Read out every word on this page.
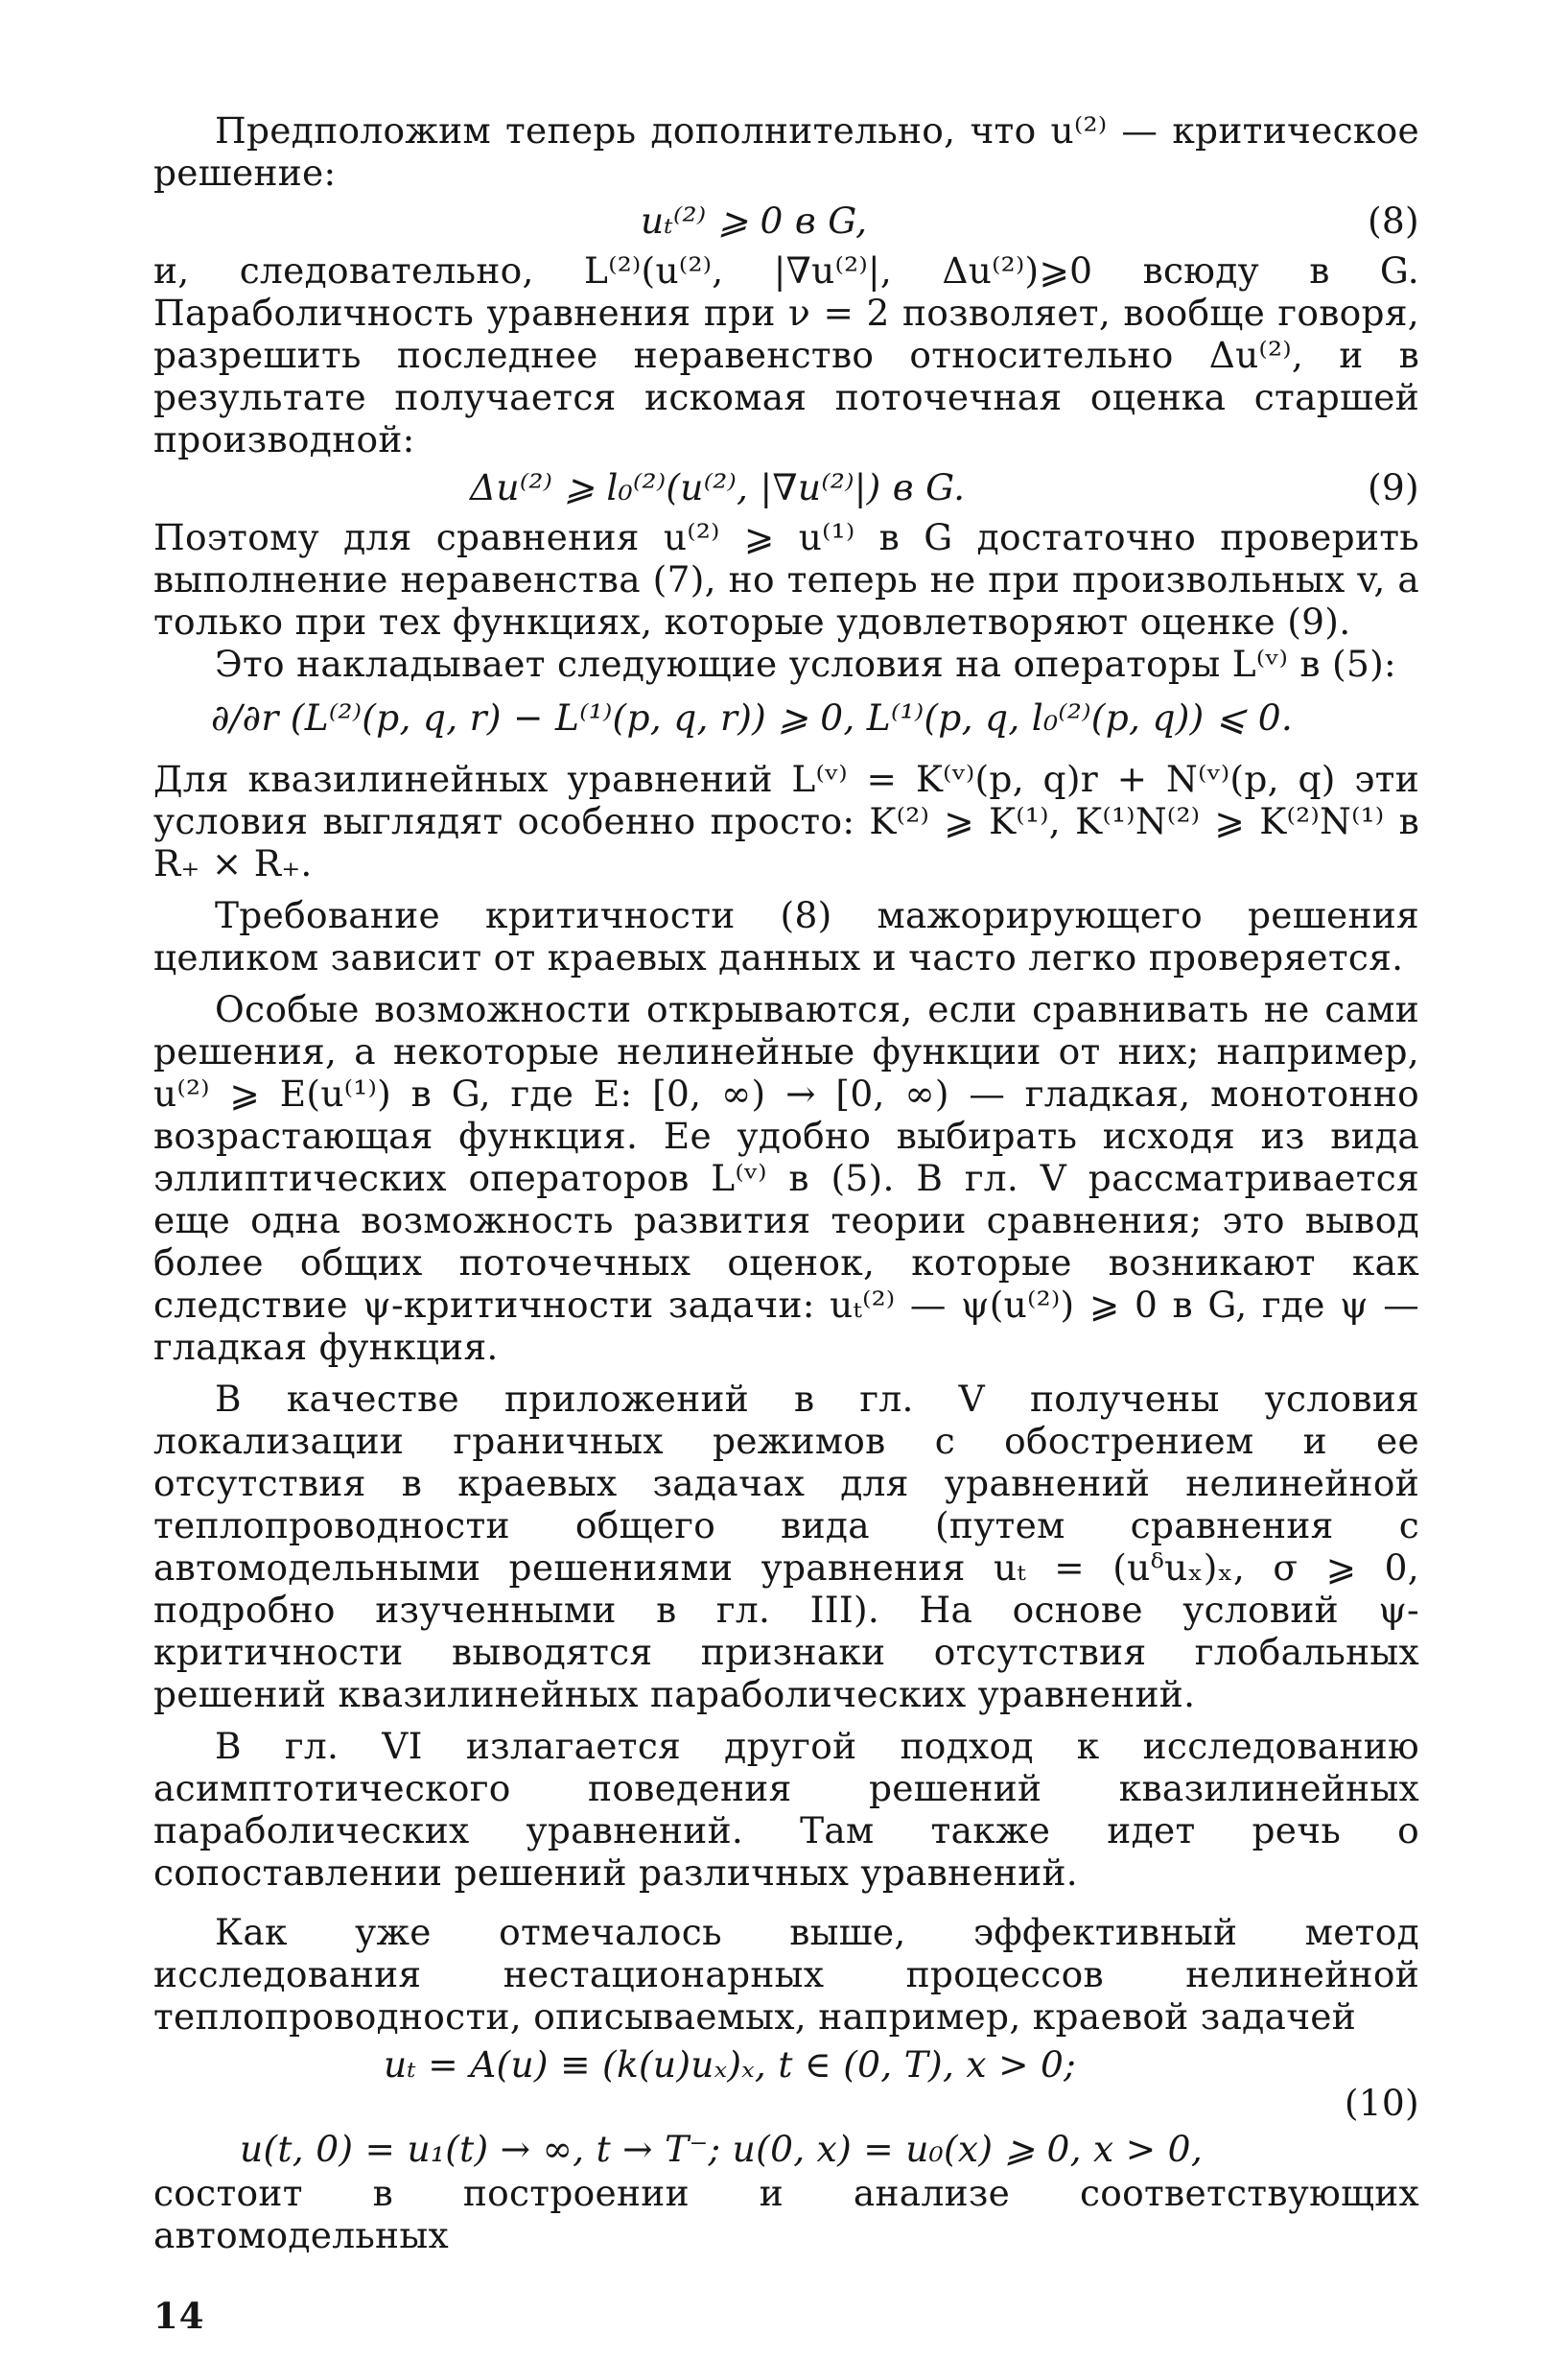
Предположим теперь дополнительно, что u⁽²⁾ — критическое решение:

uₜ⁽²⁾ ⩾ 0 в G,	(8)

и, следовательно, L⁽²⁾(u⁽²⁾, |∇u⁽²⁾|, Δu⁽²⁾)⩾0 всюду в G. Параболичность уравнения при ν = 2 позволяет, вообще говоря, разрешить последнее неравенство относительно Δu⁽²⁾, и в результате получается искомая поточечная оценка старшей производной:

Δu⁽²⁾ ⩾ l₀⁽²⁾(u⁽²⁾, |∇u⁽²⁾|) в G.	(9)

Поэтому для сравнения u⁽²⁾ ⩾ u⁽¹⁾ в G достаточно проверить выполнение неравенства (7), но теперь не при произвольных v, а только при тех функциях, которые удовлетворяют оценке (9).

Это накладывает следующие условия на операторы L⁽ᵛ⁾ в (5):

∂/∂r (L⁽²⁾(p, q, r) − L⁽¹⁾(p, q, r)) ⩾ 0, L⁽¹⁾(p, q, l₀⁽²⁾(p, q)) ⩽ 0.

Для квазилинейных уравнений L⁽ᵛ⁾ = K⁽ᵛ⁾(p, q)r + N⁽ᵛ⁾(p, q) эти условия выглядят особенно просто: K⁽²⁾ ⩾ K⁽¹⁾, K⁽¹⁾N⁽²⁾ ⩾ K⁽²⁾N⁽¹⁾ в R₊ × R₊.

Требование критичности (8) мажорирующего решения целиком зависит от краевых данных и часто легко проверяется.

Особые возможности открываются, если сравнивать не сами решения, а некоторые нелинейные функции от них; например, u⁽²⁾ ⩾ E(u⁽¹⁾) в G, где E: [0, ∞) → [0, ∞) — гладкая, монотонно возрастающая функция. Ее удобно выбирать исходя из вида эллиптических операторов L⁽ᵛ⁾ в (5). В гл. V рассматривается еще одна возможность развития теории сравнения; это вывод более общих поточечных оценок, которые возникают как следствие ψ-критичности задачи: uₜ⁽²⁾ — ψ(u⁽²⁾) ⩾ 0 в G, где ψ — гладкая функция.

В качестве приложений в гл. V получены условия локализации граничных режимов с обострением и ее отсутствия в краевых задачах для уравнений нелинейной теплопроводности общего вида (путем сравнения с автомодельными решениями уравнения uₜ = (uᵟuₓ)ₓ, σ ⩾ 0, подробно изученными в гл. III). На основе условий ψ-критичности выводятся признаки отсутствия глобальных решений квазилинейных параболических уравнений.

В гл. VI излагается другой подход к исследованию асимптотического поведения решений квазилинейных параболических уравнений. Там также идет речь о сопоставлении решений различных уравнений.

Как уже отмечалось выше, эффективный метод исследования нестационарных процессов нелинейной теплопроводности, описываемых, например, краевой задачей

uₜ = A(u) ≡ (k(u)uₓ)ₓ, t ∈ (0, T), x > 0;
(10)
u(t, 0) = u₁(t) → ∞, t → T⁻; u(0, x) = u₀(x) ⩾ 0, x > 0,

состоит в построении и анализе соответствующих автомодельных

14
